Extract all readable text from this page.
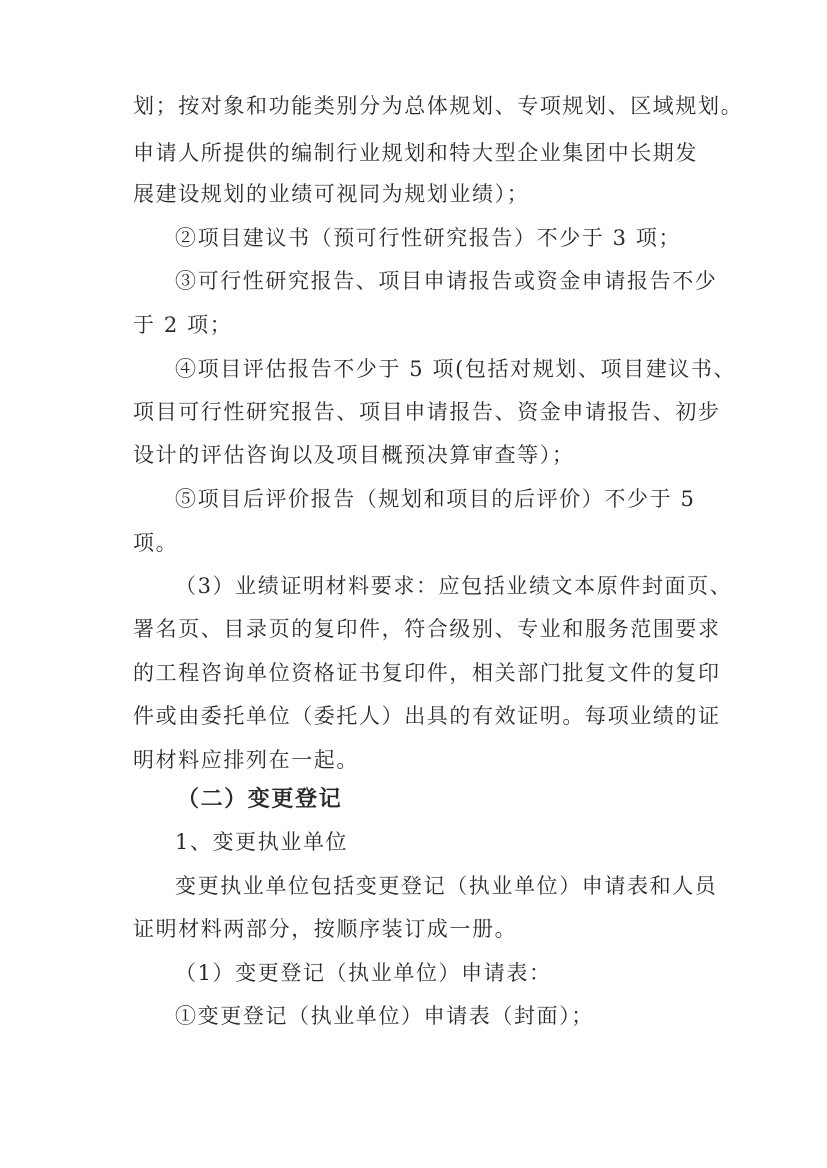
划；按对象和功能类别分为总体规划、专项规划、区域规划。
申请人所提供的编制行业规划和特大型企业集团中长期发
展建设规划的业绩可视同为规划业绩）；
②项目建议书（预可行性研究报告）不少于 3 项；
③可行性研究报告、项目申请报告或资金申请报告不少
于 2 项；
④项目评估报告不少于 5 项(包括对规划、项目建议书、
项目可行性研究报告、项目申请报告、资金申请报告、初步
设计的评估咨询以及项目概预决算审查等）；
⑤项目后评价报告（规划和项目的后评价）不少于 5
项。
（3）业绩证明材料要求：应包括业绩文本原件封面页、
署名页、目录页的复印件，符合级别、专业和服务范围要求
的工程咨询单位资格证书复印件，相关部门批复文件的复印
件或由委托单位（委托人）出具的有效证明。每项业绩的证
明材料应排列在一起。
（二）变更登记
1、变更执业单位
变更执业单位包括变更登记（执业单位）申请表和人员
证明材料两部分，按顺序装订成一册。
（1）变更登记（执业单位）申请表：
①变更登记（执业单位）申请表（封面）；
